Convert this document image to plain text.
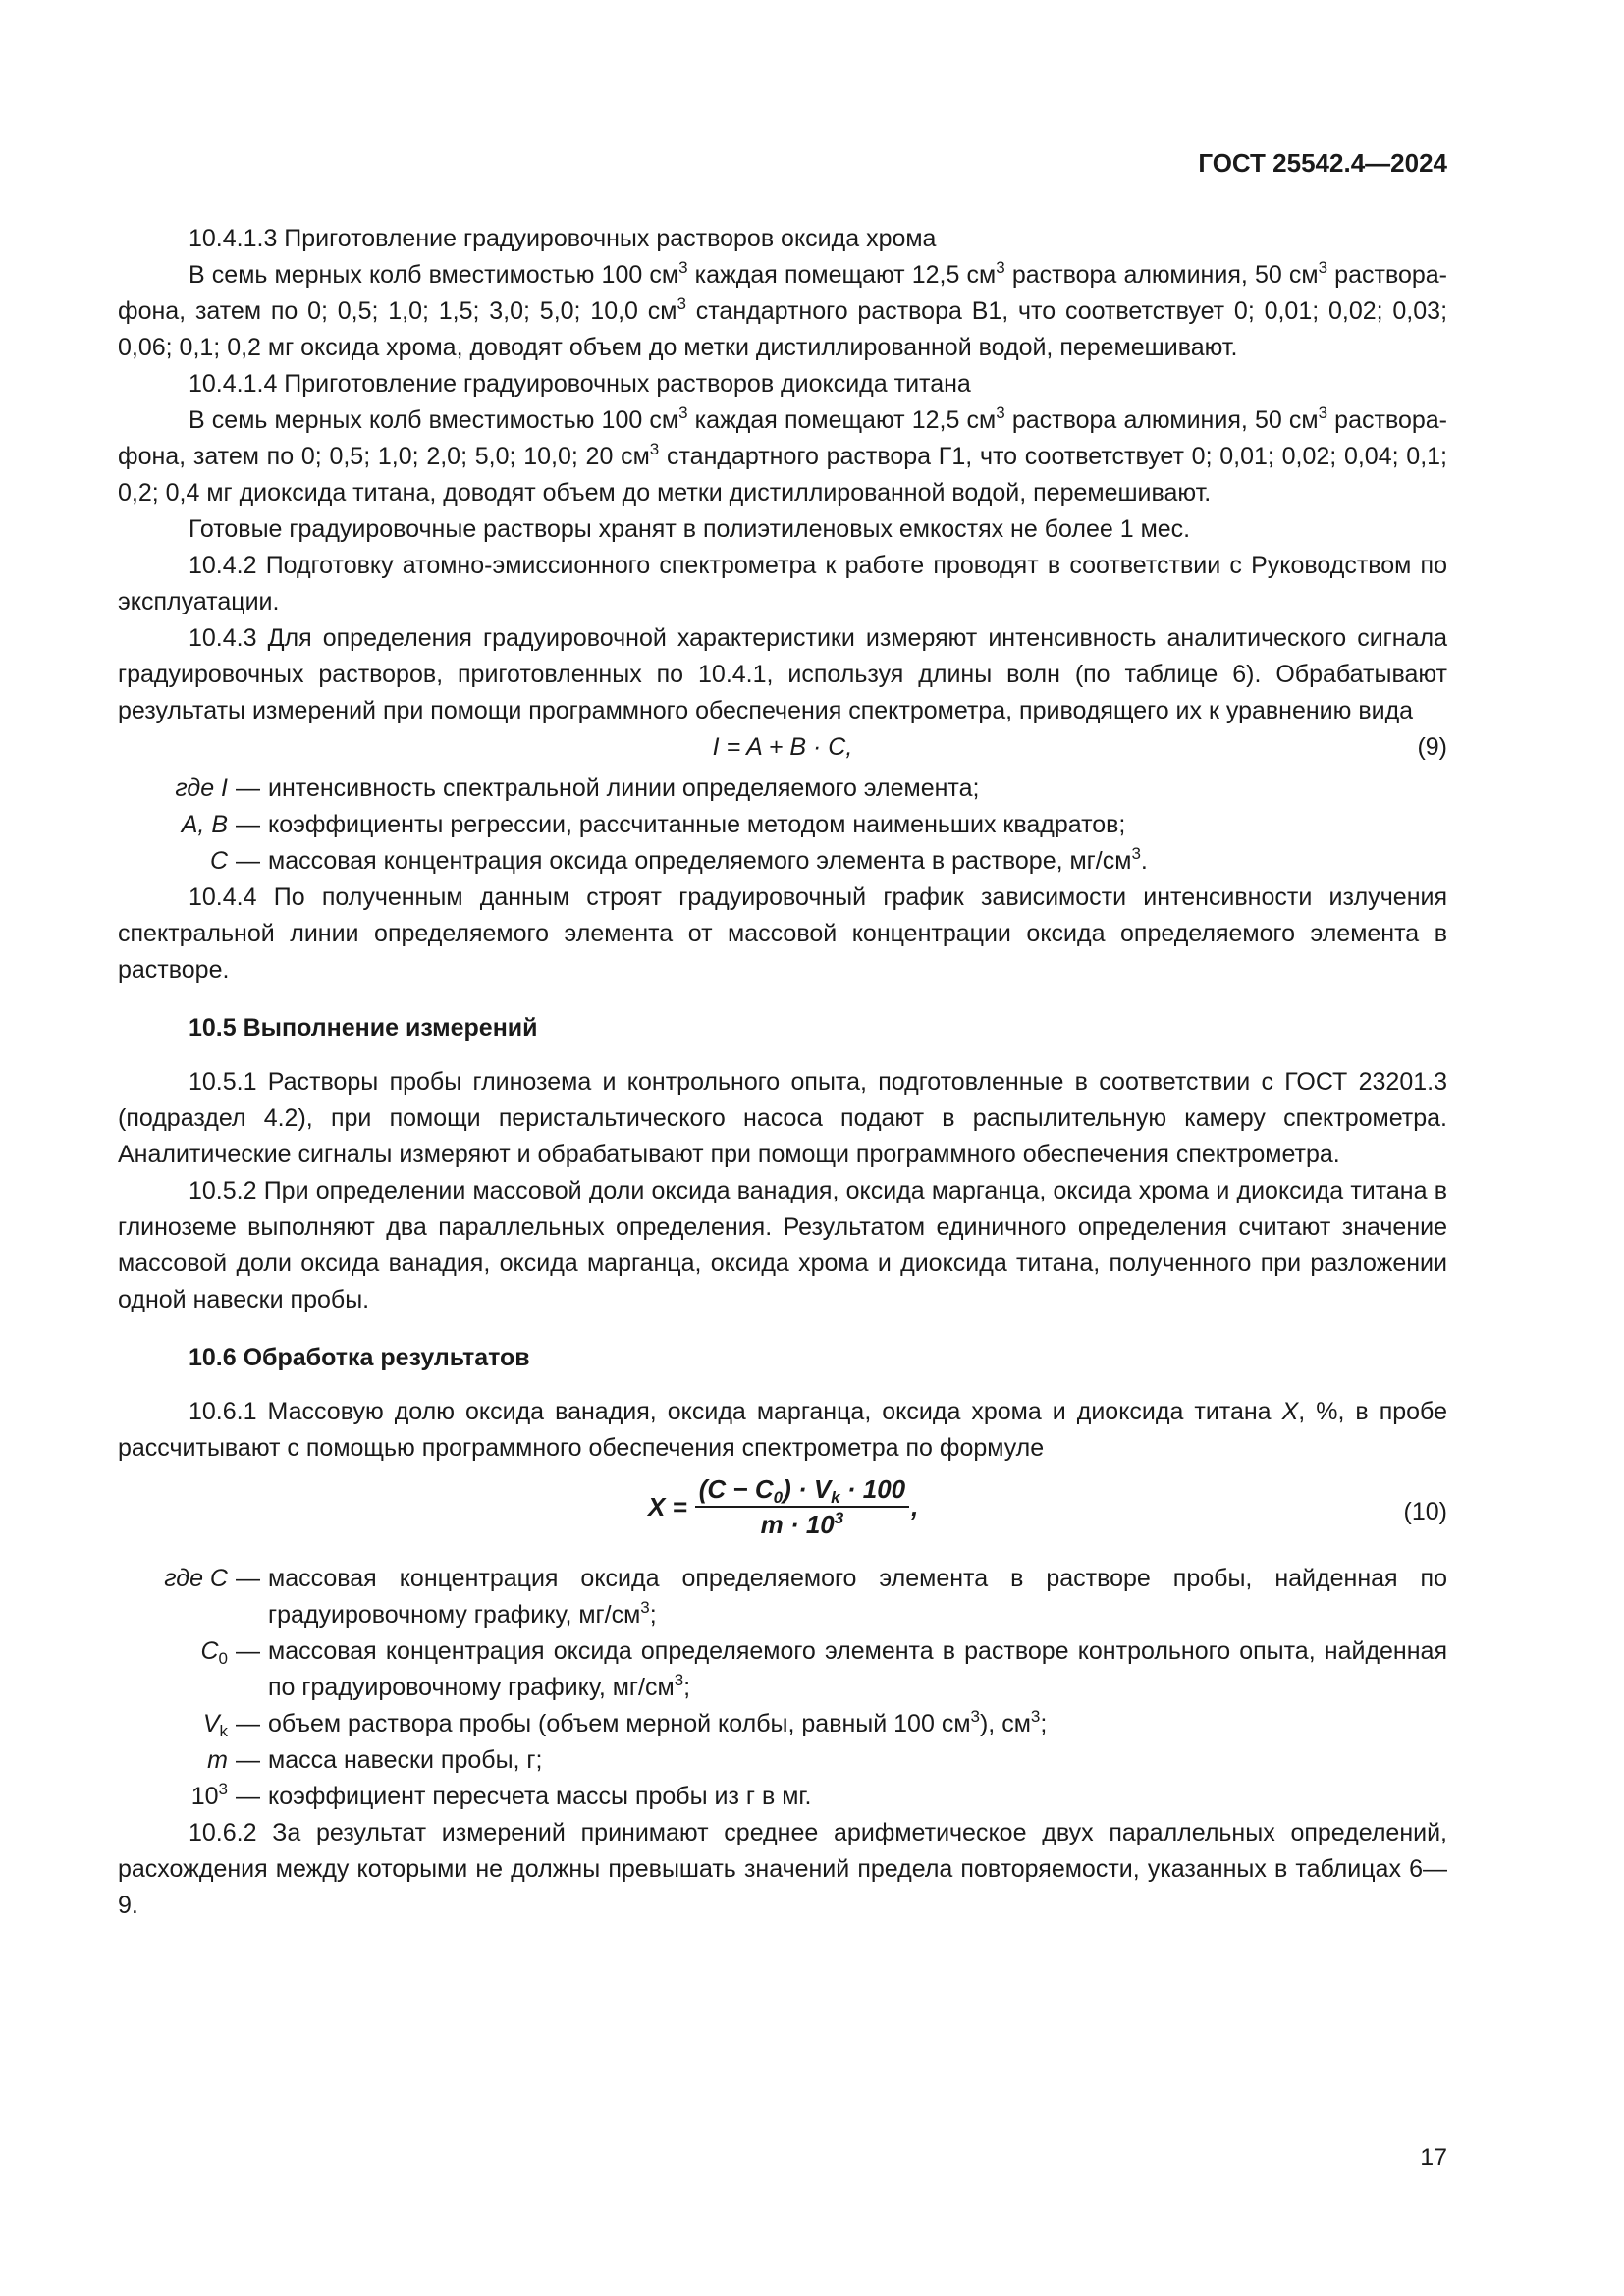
ГОСТ 25542.4—2024

10.4.1.3 Приготовление градуировочных растворов оксида хрома

В семь мерных колб вместимостью 100 $см^3$ каждая помещают 12,5 $см^3$ раствора алюминия, 50 $см^3$ раствора-фона, затем по 0; 0,5; 1,0; 1,5; 3,0; 5,0; 10,0 $см^3$ стандартного раствора В1, что соответствует 0; 0,01; 0,02; 0,03; 0,06; 0,1; 0,2 мг оксида хрома, доводят объем до метки дистиллированной водой, перемешивают.

10.4.1.4 Приготовление градуировочных растворов диоксида титана

В семь мерных колб вместимостью 100 $см^3$ каждая помещают 12,5 $см^3$ раствора алюминия, 50 $см^3$ раствора-фона, затем по 0; 0,5; 1,0; 2,0; 5,0; 10,0; 20 $см^3$ стандартного раствора Г1, что соответствует 0; 0,01; 0,02; 0,04; 0,1; 0,2; 0,4 мг диоксида титана, доводят объем до метки дистиллированной водой, перемешивают.

Готовые градуировочные растворы хранят в полиэтиленовых емкостях не более 1 мес.

10.4.2 Подготовку атомно-эмиссионного спектрометра к работе проводят в соответствии с Руководством по эксплуатации.

10.4.3 Для определения градуировочной характеристики измеряют интенсивность аналитического сигнала градуировочных растворов, приготовленных по 10.4.1, используя длины волн (по таблице 6). Обрабатывают результаты измерений при помощи программного обеспечения спектрометра, приводящего их к уравнению вида

I = A + B · C,	(9)
где I — интенсивность спектральной линии определяемого элемента;
A, B — коэффициенты регрессии, рассчитанные методом наименьших квадратов;
C — массовая концентрация оксида определяемого элемента в растворе, $мг/см^3$.

10.4.4 По полученным данным строят градуировочный график зависимости интенсивности излучения спектральной линии определяемого элемента от массовой концентрации оксида определяемого элемента в растворе.

10.5 Выполнение измерений

10.5.1 Растворы пробы глинозема и контрольного опыта, подготовленные в соответствии с ГОСТ 23201.3 (подраздел 4.2), при помощи перистальтического насоса подают в распылительную камеру спектрометра. Аналитические сигналы измеряют и обрабатывают при помощи программного обеспечения спектрометра.

10.5.2 При определении массовой доли оксида ванадия, оксида марганца, оксида хрома и диоксида титана в глиноземе выполняют два параллельных определения. Результатом единичного определения считают значение массовой доли оксида ванадия, оксида марганца, оксида хрома и диоксида титана, полученного при разложении одной навески пробы.

10.6 Обработка результатов

10.6.1 Массовую долю оксида ванадия, оксида марганца, оксида хрома и диоксида титана X, %, в пробе рассчитывают с помощью программного обеспечения спектрометра по формуле

$X = \frac{(C - C_0) \cdot V_k \cdot 100}{m \cdot 10^3}$ ,	(10)
где C — массовая концентрация оксида определяемого элемента в растворе пробы, найденная по градуировочному графику, $мг/см^3$;
$C_0$ — массовая концентрация оксида определяемого элемента в растворе контрольного опыта, найденная по градуировочному графику, $мг/см^3$;
$V_k$ — объем раствора пробы (объем мерной колбы, равный 100 $см^3$), $см^3$;
m — масса навески пробы, г;
$10^3$ — коэффициент пересчета массы пробы из г в мг.

10.6.2 За результат измерений принимают среднее арифметическое двух параллельных определений, расхождения между которыми не должны превышать значений предела повторяемости, указанных в таблицах 6—9.

17
